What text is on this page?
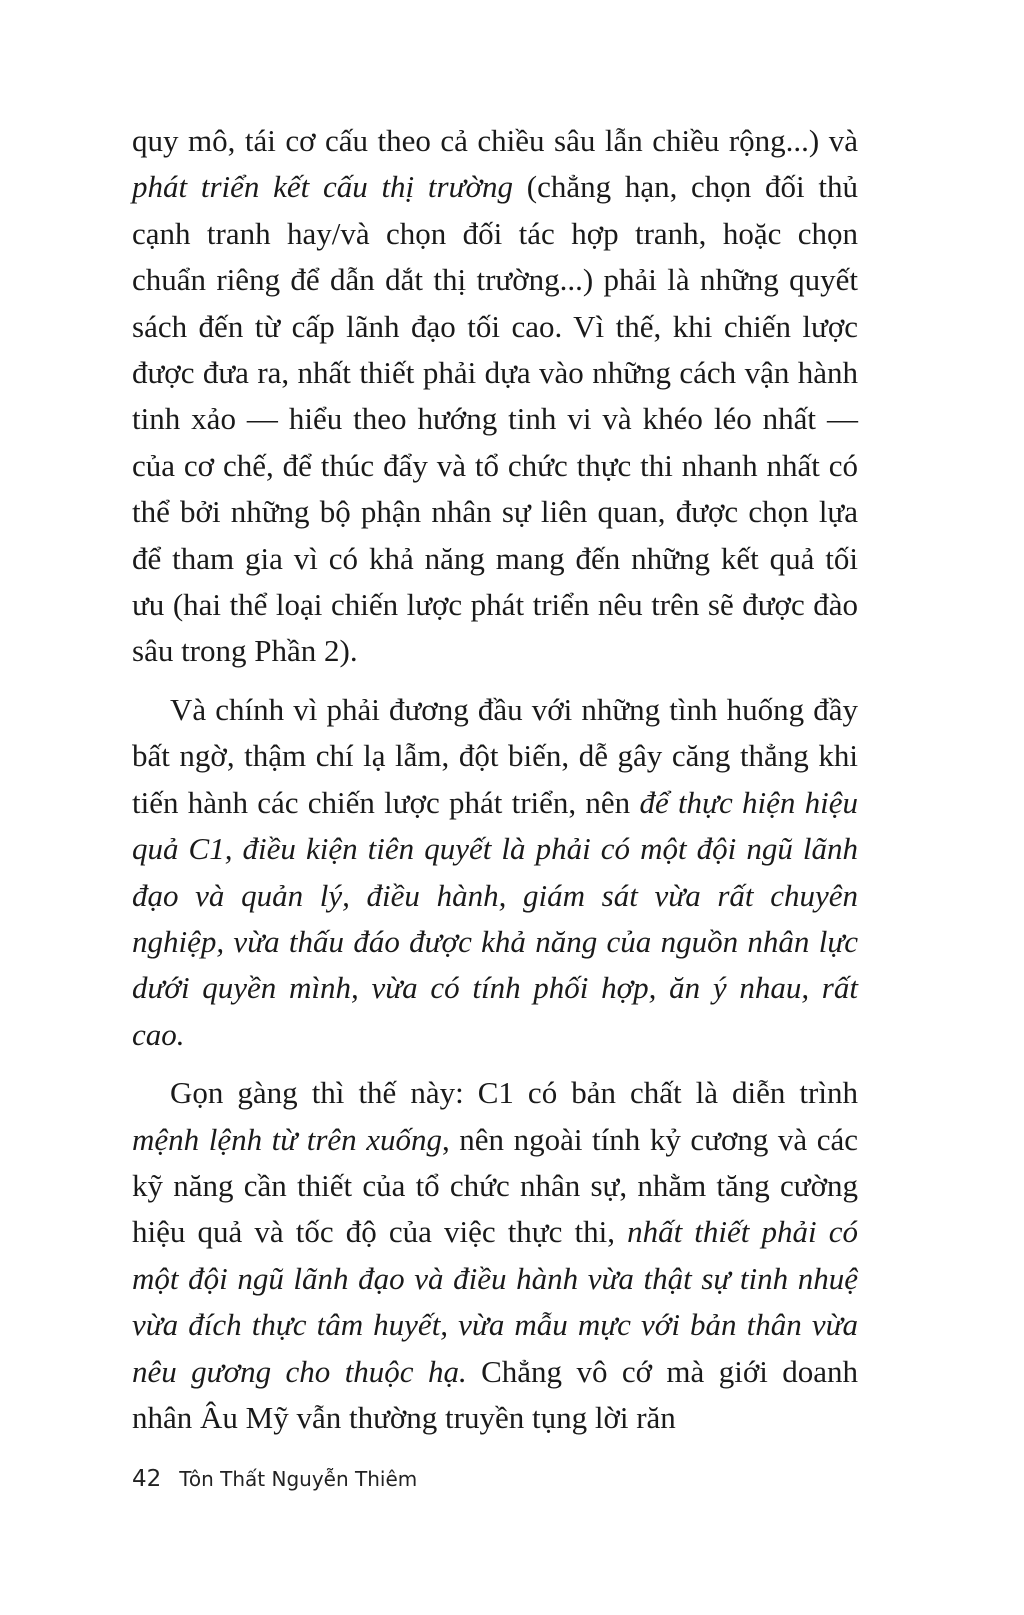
quy mô, tái cơ cấu theo cả chiều sâu lẫn chiều rộng...) và phát triển kết cấu thị trường (chẳng hạn, chọn đối thủ cạnh tranh hay/và chọn đối tác hợp tranh, hoặc chọn chuẩn riêng để dẫn dắt thị trường...) phải là những quyết sách đến từ cấp lãnh đạo tối cao. Vì thế, khi chiến lược được đưa ra, nhất thiết phải dựa vào những cách vận hành tinh xảo — hiểu theo hướng tinh vi và khéo léo nhất — của cơ chế, để thúc đẩy và tổ chức thực thi nhanh nhất có thể bởi những bộ phận nhân sự liên quan, được chọn lựa để tham gia vì có khả năng mang đến những kết quả tối ưu (hai thể loại chiến lược phát triển nêu trên sẽ được đào sâu trong Phần 2).

Và chính vì phải đương đầu với những tình huống đầy bất ngờ, thậm chí lạ lẫm, đột biến, dễ gây căng thẳng khi tiến hành các chiến lược phát triển, nên để thực hiện hiệu quả C1, điều kiện tiên quyết là phải có một đội ngũ lãnh đạo và quản lý, điều hành, giám sát vừa rất chuyên nghiệp, vừa thấu đáo được khả năng của nguồn nhân lực dưới quyền mình, vừa có tính phối hợp, ăn ý nhau, rất cao.

Gọn gàng thì thế này: C1 có bản chất là diễn trình mệnh lệnh từ trên xuống, nên ngoài tính kỷ cương và các kỹ năng cần thiết của tổ chức nhân sự, nhằm tăng cường hiệu quả và tốc độ của việc thực thi, nhất thiết phải có một đội ngũ lãnh đạo và điều hành vừa thật sự tinh nhuệ vừa đích thực tâm huyết, vừa mẫu mực với bản thân vừa nêu gương cho thuộc hạ. Chẳng vô cớ mà giới doanh nhân Âu Mỹ vẫn thường truyền tụng lời răn

42 Tôn Thất Nguyễn Thiêm
